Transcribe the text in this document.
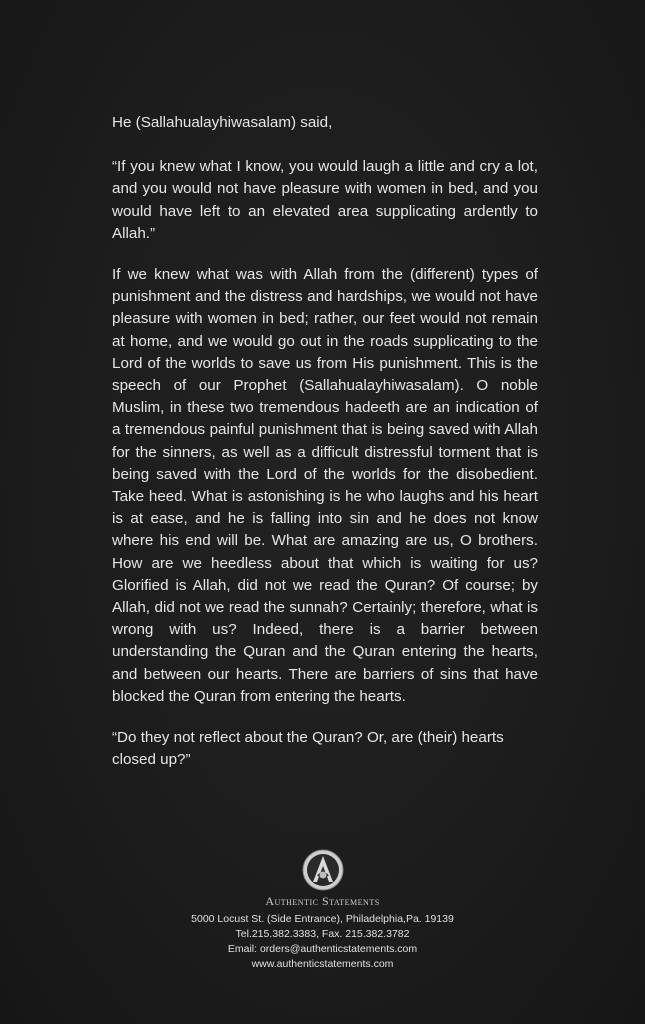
He (Sallahualayhiwasalam) said,

“If you knew what I know, you would laugh a little and cry a lot, and you would not have pleasure with women in bed, and you would have left to an elevated area supplicating ardently to Allah.”

If we knew what was with Allah from the (different) types of punishment and the distress and hardships, we would not have pleasure with women in bed; rather, our feet would not remain at home, and we would go out in the roads supplicating to the Lord of the worlds to save us from His punishment. This is the speech of our Prophet (Sallahualayhiwasalam). O noble Muslim, in these two tremendous hadeeth are an indication of a tremendous painful punishment that is being saved with Allah for the sinners, as well as a difficult distressful torment that is being saved with the Lord of the worlds for the disobedient. Take heed. What is astonishing is he who laughs and his heart is at ease, and he is falling into sin and he does not know where his end will be. What are amazing are us, O brothers. How are we heedless about that which is waiting for us? Glorified is Allah, did not we read the Quran? Of course; by Allah, did not we read the sunnah? Certainly; therefore, what is wrong with us? Indeed, there is a barrier between understanding the Quran and the Quran entering the hearts, and between our hearts. There are barriers of sins that have blocked the Quran from entering the hearts.

“Do they not reflect about the Quran? Or, are (their) hearts closed up?”

Authentic Statements
5000 Locust St. (Side Entrance), Philadelphia,Pa. 19139
Tel.215.382.3383, Fax. 215.382.3782
Email: orders@authenticstatements.com
www.authenticstatements.com
